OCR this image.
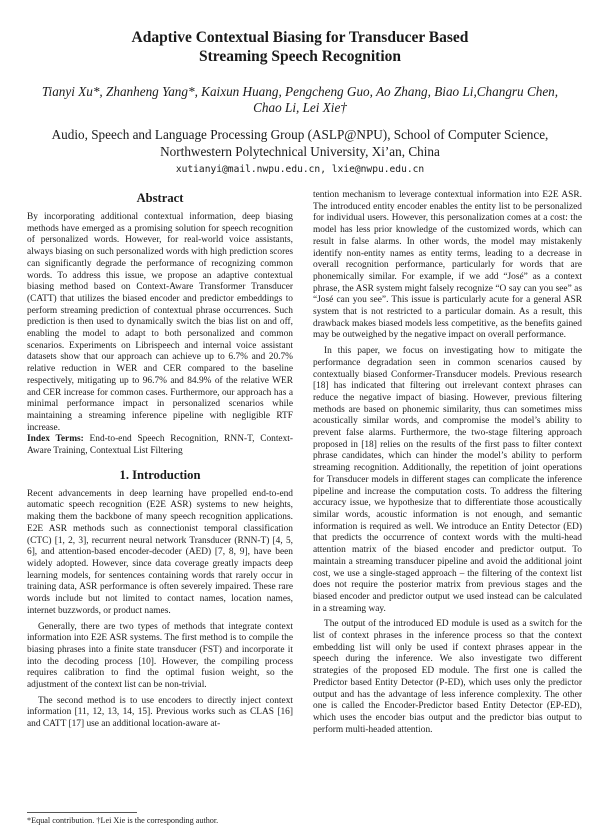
Adaptive Contextual Biasing for Transducer Based
Streaming Speech Recognition
Tianyi Xu*, Zhanheng Yang*, Kaixun Huang, Pengcheng Guo, Ao Zhang, Biao Li,Changru Chen,
Chao Li, Lei Xie†
Audio, Speech and Language Processing Group (ASLP@NPU), School of Computer Science,
Northwestern Polytechnical University, Xi’an, China
xutianyi@mail.nwpu.edu.cn, lxie@nwpu.edu.cn
Abstract

By incorporating additional contextual information, deep biasing methods have emerged as a promising solution for speech recognition of personalized words. However, for real-world voice assistants, always biasing on such personalized words with high prediction scores can significantly degrade the performance of recognizing common words. To address this issue, we propose an adaptive contextual biasing method based on Context-Aware Transformer Transducer (CATT) that utilizes the biased encoder and predictor embeddings to perform streaming prediction of contextual phrase occurrences. Such prediction is then used to dynamically switch the bias list on and off, enabling the model to adapt to both personalized and common scenarios. Experiments on Librispeech and internal voice assistant datasets show that our approach can achieve up to 6.7% and 20.7% relative reduction in WER and CER compared to the baseline respectively, mitigating up to 96.7% and 84.9% of the relative WER and CER increase for common cases. Furthermore, our approach has a minimal performance impact in personalized scenarios while maintaining a streaming inference pipeline with negligible RTF increase.

Index Terms: End-to-end Speech Recognition, RNN-T, Context-Aware Training, Contextual List Filtering

1. Introduction

Recent advancements in deep learning have propelled end-to-end automatic speech recognition (E2E ASR) systems to new heights, making them the backbone of many speech recognition applications. E2E ASR methods such as connectionist temporal classification (CTC) [1, 2, 3], recurrent neural network Transducer (RNN-T) [4, 5, 6], and attention-based encoder-decoder (AED) [7, 8, 9], have been widely adopted. However, since data coverage greatly impacts deep learning models, for sentences containing words that rarely occur in training data, ASR performance is often severely impaired. These rare words include but not limited to contact names, location names, internet buzzwords, or product names.

Generally, there are two types of methods that integrate context information into E2E ASR systems. The first method is to compile the biasing phrases into a finite state transducer (FST) and incorporate it into the decoding process [10]. However, the compiling process requires calibration to find the optimal fusion weight, so the adjustment of the context list can be non-trivial.

The second method is to use encoders to directly inject context information [11, 12, 13, 14, 15]. Previous works such as CLAS [16] and CATT [17] use an additional location-aware at-

tention mechanism to leverage contextual information into E2E ASR. The introduced entity encoder enables the entity list to be personalized for individual users. However, this personalization comes at a cost: the model has less prior knowledge of the customized words, which can result in false alarms. In other words, the model may mistakenly identify non-entity names as entity terms, leading to a decrease in overall recognition performance, particularly for words that are phonemically similar. For example, if we add “José” as a context phrase, the ASR system might falsely recognize “O say can you see” as “José can you see”. This issue is particularly acute for a general ASR system that is not restricted to a particular domain. As a result, this drawback makes biased models less competitive, as the benefits gained may be outweighed by the negative impact on overall performance.

In this paper, we focus on investigating how to mitigate the performance degradation seen in common scenarios caused by contextually biased Conformer-Transducer models. Previous research [18] has indicated that filtering out irrelevant context phrases can reduce the negative impact of biasing. However, previous filtering methods are based on phonemic similarity, thus can sometimes miss acoustically similar words, and compromise the model’s ability to prevent false alarms. Furthermore, the two-stage filtering approach proposed in [18] relies on the results of the first pass to filter context phrase candidates, which can hinder the model’s ability to perform streaming recognition. Additionally, the repetition of joint operations for Transducer models in different stages can complicate the inference pipeline and increase the computation costs. To address the filtering accuracy issue, we hypothesize that to differentiate those acoustically similar words, acoustic information is not enough, and semantic information is required as well. We introduce an Entity Detector (ED) that predicts the occurrence of context words with the multi-head attention matrix of the biased encoder and predictor output. To maintain a streaming transducer pipeline and avoid the additional joint cost, we use a single-staged approach – the filtering of the context list does not require the posterior matrix from previous stages and the biased encoder and predictor output we used instead can be calculated in a streaming way.

The output of the introduced ED module is used as a switch for the list of context phrases in the inference process so that the context embedding list will only be used if context phrases appear in the speech during the inference. We also investigate two different strategies of the proposed ED module. The first one is called the Predictor based Entity Detector (P-ED), which uses only the predictor output and has the advantage of less inference complexity. The other one is called the Encoder-Predictor based Entity Detector (EP-ED), which uses the encoder bias output and the predictor bias output to perform multi-headed attention.

*Equal contribution. †Lei Xie is the corresponding author.
